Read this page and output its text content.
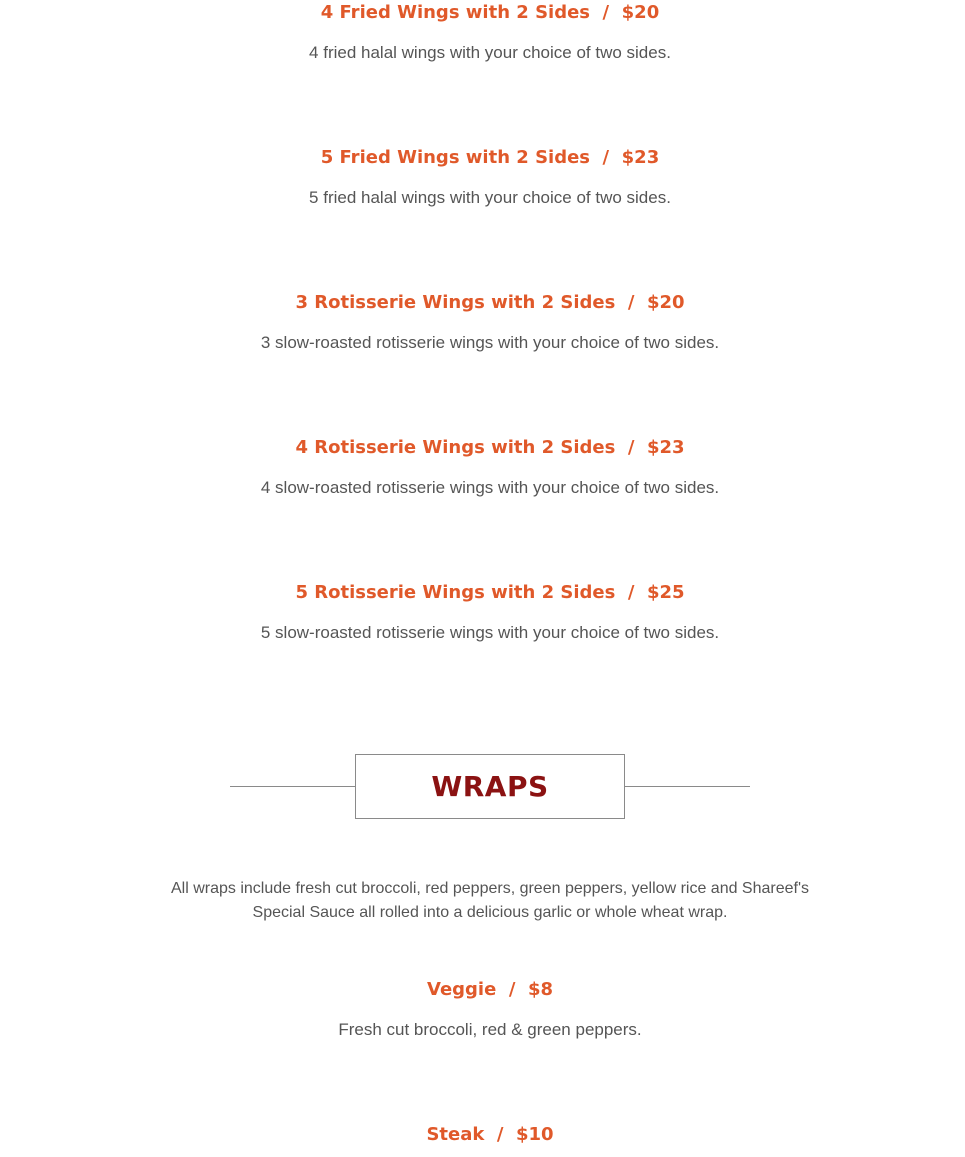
4 Fried Wings with 2 Sides  /  $20

4 fried halal wings with your choice of two sides.

5 Fried Wings with 2 Sides  /  $23

5 fried halal wings with your choice of two sides.

3 Rotisserie Wings with 2 Sides  /  $20

3 slow-roasted rotisserie wings with your choice of two sides.

4 Rotisserie Wings with 2 Sides  /  $23

4 slow-roasted rotisserie wings with your choice of two sides.

5 Rotisserie Wings with 2 Sides  /  $25

5 slow-roasted rotisserie wings with your choice of two sides.

WRAPS

All wraps include fresh cut broccoli, red peppers, green peppers, yellow rice and Shareef's Special Sauce all rolled into a delicious garlic or whole wheat wrap.

Veggie  /  $8

Fresh cut broccoli, red & green peppers.

Steak  /  $10
